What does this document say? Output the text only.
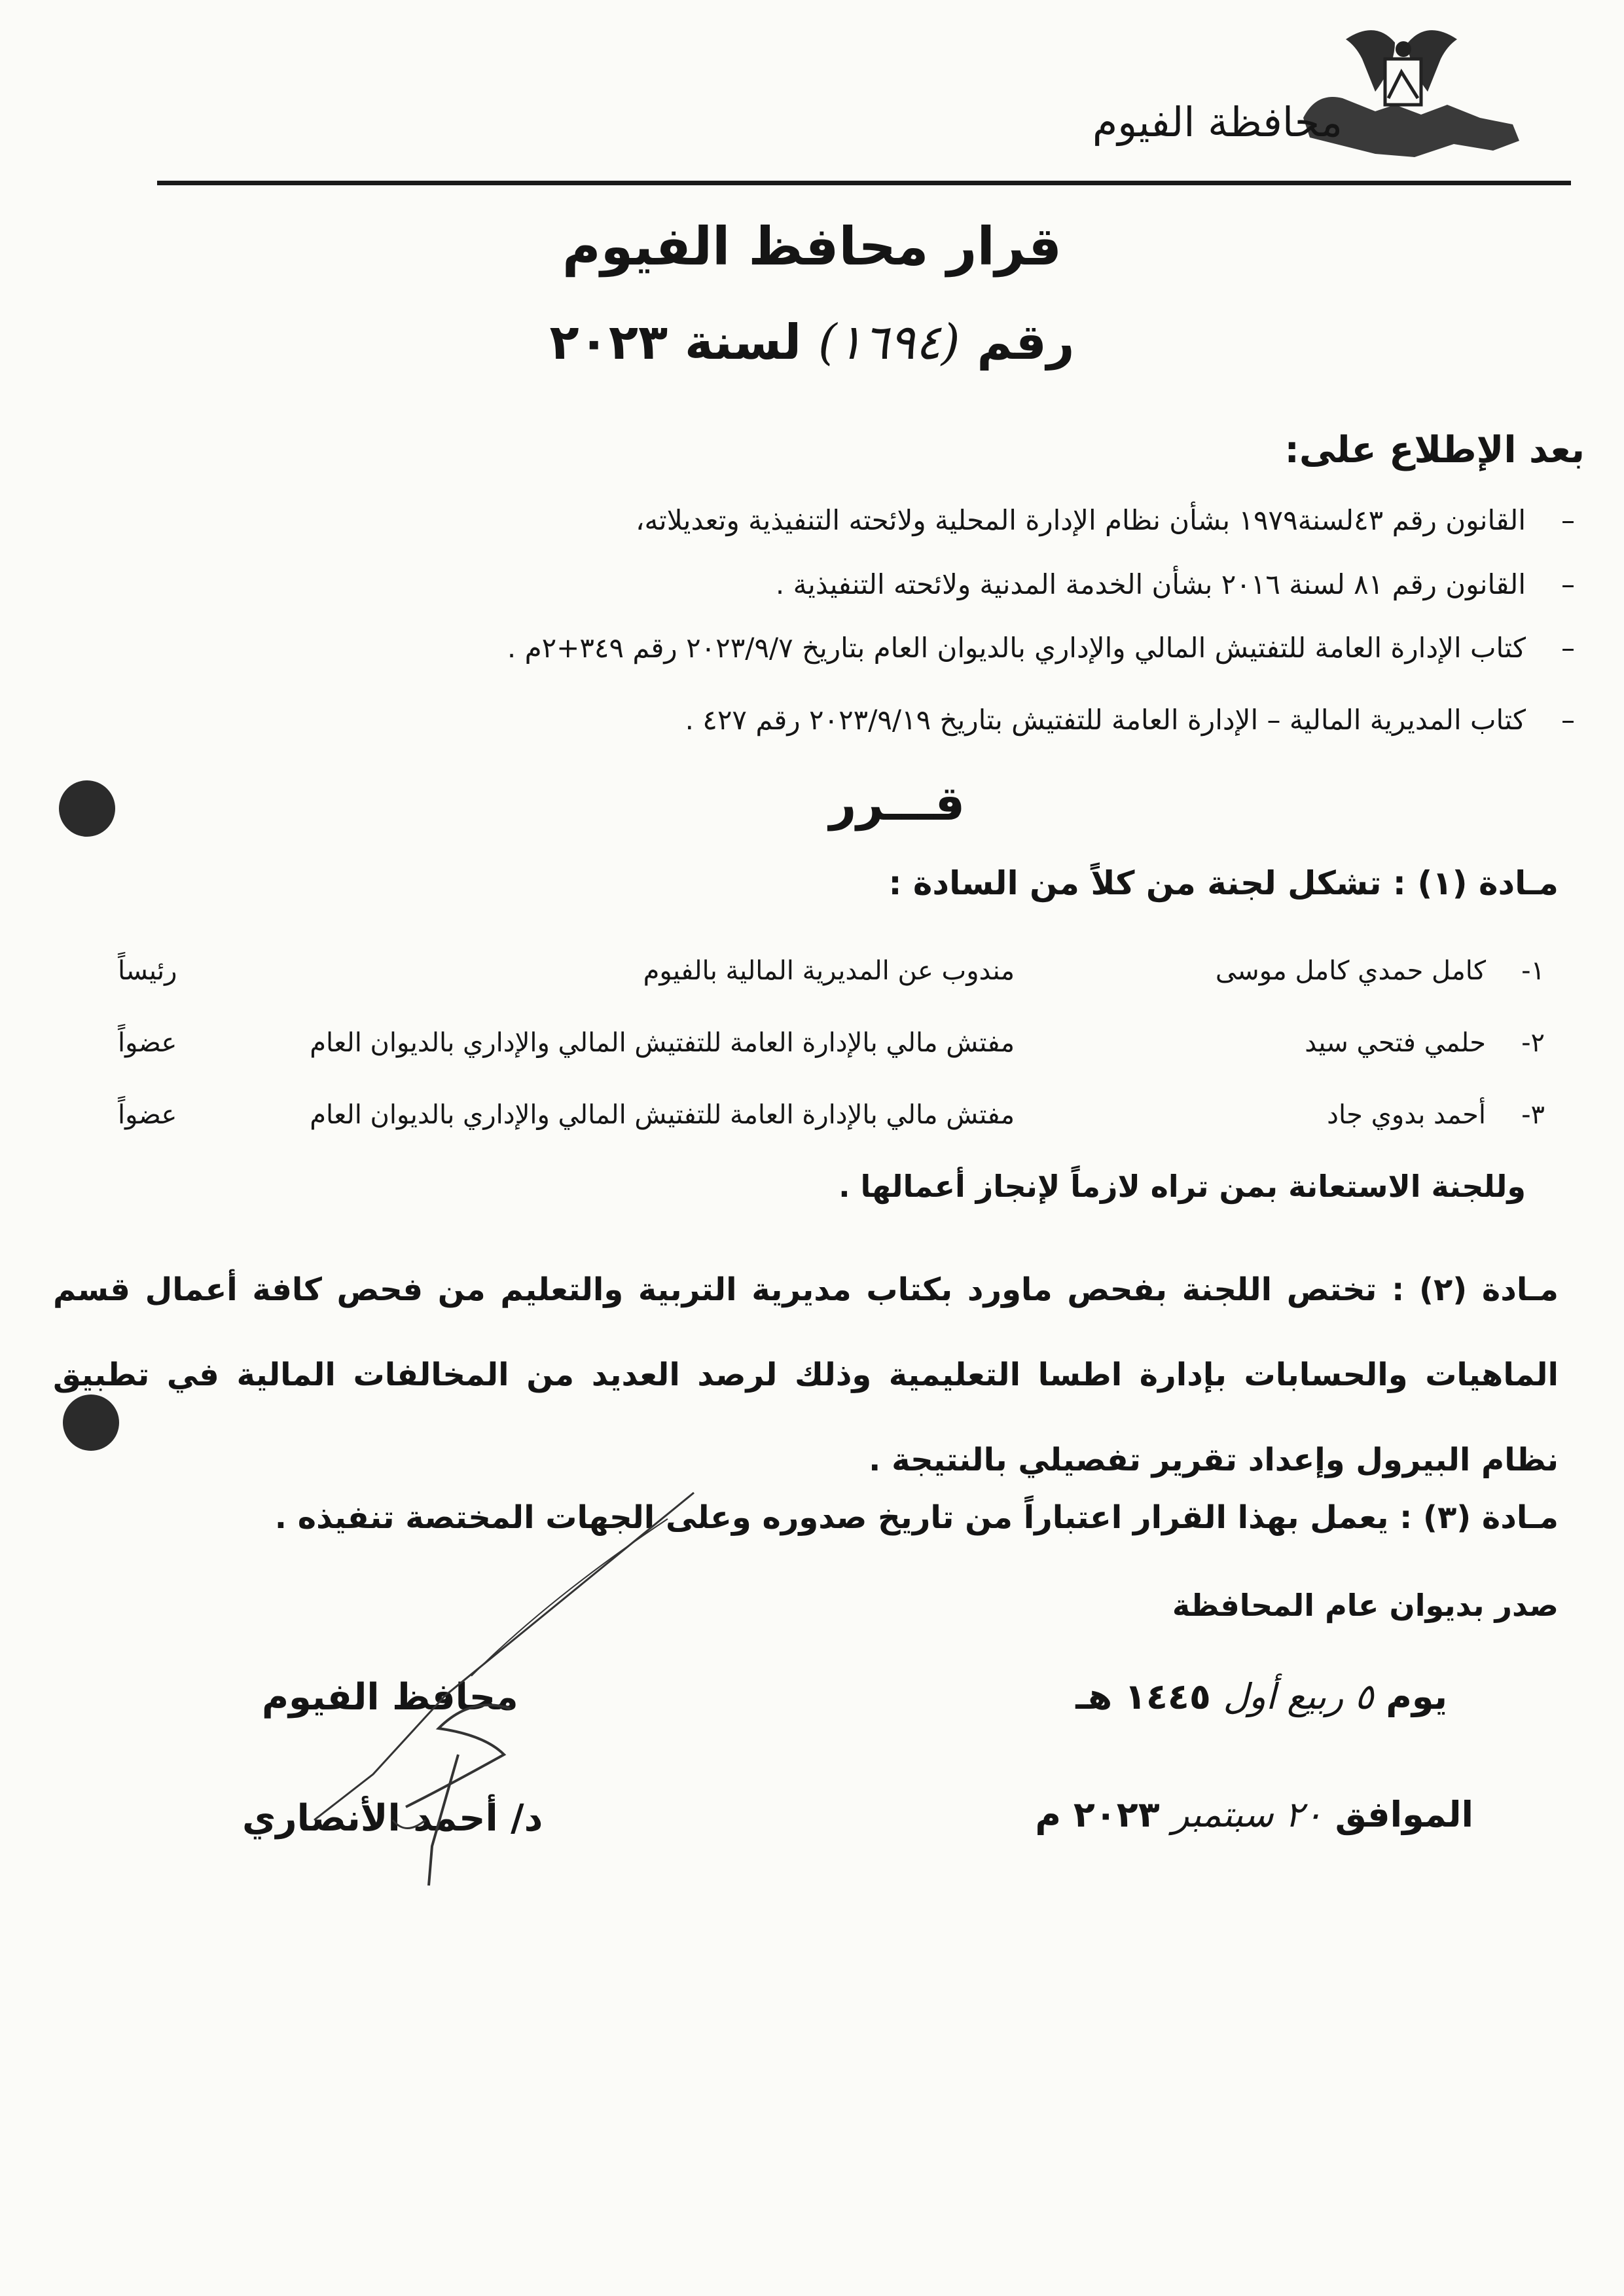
محافظة الفيوم
قرار محافظ الفيوم
رقم (١٦٩٤) لسنة ٢٠٢٣
بعد الإطلاع على:
القانون رقم ٤٣لسنة١٩٧٩ بشأن نظام الإدارة المحلية ولائحته التنفيذية وتعديلاته، –
القانون رقم ٨١ لسنة ٢٠١٦ بشأن الخدمة المدنية ولائحته التنفيذية . –
كتاب الإدارة العامة للتفتيش المالي والإداري بالديوان العام بتاريخ ٢٠٢٣/٩/٧ رقم ٣٤٩+٢م . –
كتاب المديرية المالية – الإدارة العامة للتفتيش بتاريخ ٢٠٢٣/٩/١٩ رقم ٤٢٧ . –
قـــرر
مـادة (١) : تشكل لجنة من كلاً من السادة :
١-
كامل حمدي كامل موسى
مندوب عن المديرية المالية بالفيوم
رئيساً
٢-
حلمي فتحي سيد
مفتش مالي بالإدارة العامة للتفتيش المالي والإداري بالديوان العام
عضواً
٣-
أحمد بدوي جاد
مفتش مالي بالإدارة العامة للتفتيش المالي والإداري بالديوان العام
عضواً
وللجنة الاستعانة بمن تراه لازماً لإنجاز أعمالها .
مـادة (٢) : تختص اللجنة بفحص ماورد بكتاب مديرية التربية والتعليم من فحص كافة أعمال قسم الماهيات والحسابات بإدارة اطسا التعليمية وذلك لرصد العديد من المخالفات المالية في تطبيق نظام البيرول وإعداد تقرير تفصيلي بالنتيجة .
مـادة (٣) : يعمل بهذا القرار اعتباراً من تاريخ صدوره وعلى الجهات المختصة تنفيذه .
صدر بديوان عام المحافظة
يوم ٥ ربيع أول ١٤٤٥ هـ
الموافق ٢٠ سبتمبر ٢٠٢٣ م
محافظ الفيوم
د/ أحمد الأنصاري
